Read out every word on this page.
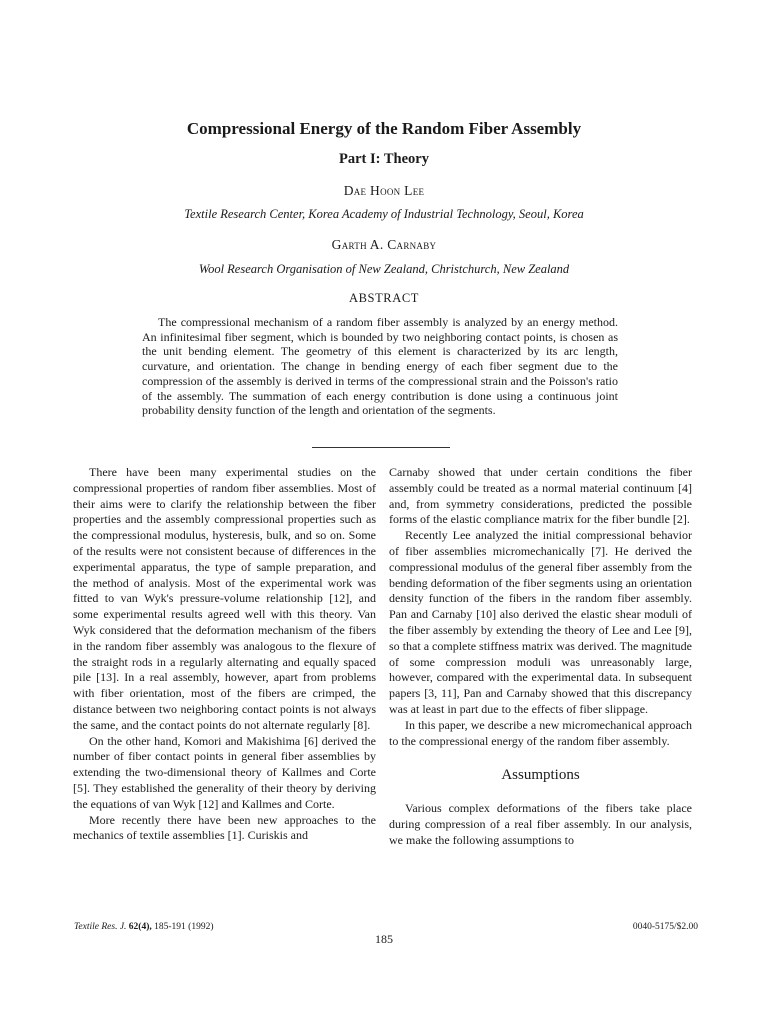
Compressional Energy of the Random Fiber Assembly
Part I: Theory
Dae Hoon Lee
Textile Research Center, Korea Academy of Industrial Technology, Seoul, Korea
Garth A. Carnaby
Wool Research Organisation of New Zealand, Christchurch, New Zealand
ABSTRACT
The compressional mechanism of a random fiber assembly is analyzed by an energy method. An infinitesimal fiber segment, which is bounded by two neighboring contact points, is chosen as the unit bending element. The geometry of this element is characterized by its arc length, curvature, and orientation. The change in bending energy of each fiber segment due to the compression of the assembly is derived in terms of the compressional strain and the Poisson's ratio of the assembly. The summation of each energy contribution is done using a continuous joint probability density function of the length and orientation of the segments.

There have been many experimental studies on the compressional properties of random fiber assemblies. Most of their aims were to clarify the relationship between the fiber properties and the assembly compressional properties such as the compressional modulus, hysteresis, bulk, and so on. Some of the results were not consistent because of differences in the experimental apparatus, the type of sample preparation, and the method of analysis. Most of the experimental work was fitted to van Wyk's pressure-volume relationship [12], and some experimental results agreed well with this theory. Van Wyk considered that the deformation mechanism of the fibers in the random fiber assembly was analogous to the flexure of the straight rods in a regularly alternating and equally spaced pile [13]. In a real assembly, however, apart from problems with fiber orientation, most of the fibers are crimped, the distance between two neighboring contact points is not always the same, and the contact points do not alternate regularly [8].

On the other hand, Komori and Makishima [6] derived the number of fiber contact points in general fiber assemblies by extending the two-dimensional theory of Kallmes and Corte [5]. They established the generality of their theory by deriving the equations of van Wyk [12] and Kallmes and Corte.

More recently there have been new approaches to the mechanics of textile assemblies [1]. Curiskis and

Carnaby showed that under certain conditions the fiber assembly could be treated as a normal material continuum [4] and, from symmetry considerations, predicted the possible forms of the elastic compliance matrix for the fiber bundle [2].

Recently Lee analyzed the initial compressional behavior of fiber assemblies micromechanically [7]. He derived the compressional modulus of the general fiber assembly from the bending deformation of the fiber segments using an orientation density function of the fibers in the random fiber assembly. Pan and Carnaby [10] also derived the elastic shear moduli of the fiber assembly by extending the theory of Lee and Lee [9], so that a complete stiffness matrix was derived. The magnitude of some compression moduli was unreasonably large, however, compared with the experimental data. In subsequent papers [3, 11], Pan and Carnaby showed that this discrepancy was at least in part due to the effects of fiber slippage.

In this paper, we describe a new micromechanical approach to the compressional energy of the random fiber assembly.

Assumptions

Various complex deformations of the fibers take place during compression of a real fiber assembly. In our analysis, we make the following assumptions to

Textile Res. J. 62(4), 185-191 (1992)	0040-5175/$2.00
185
